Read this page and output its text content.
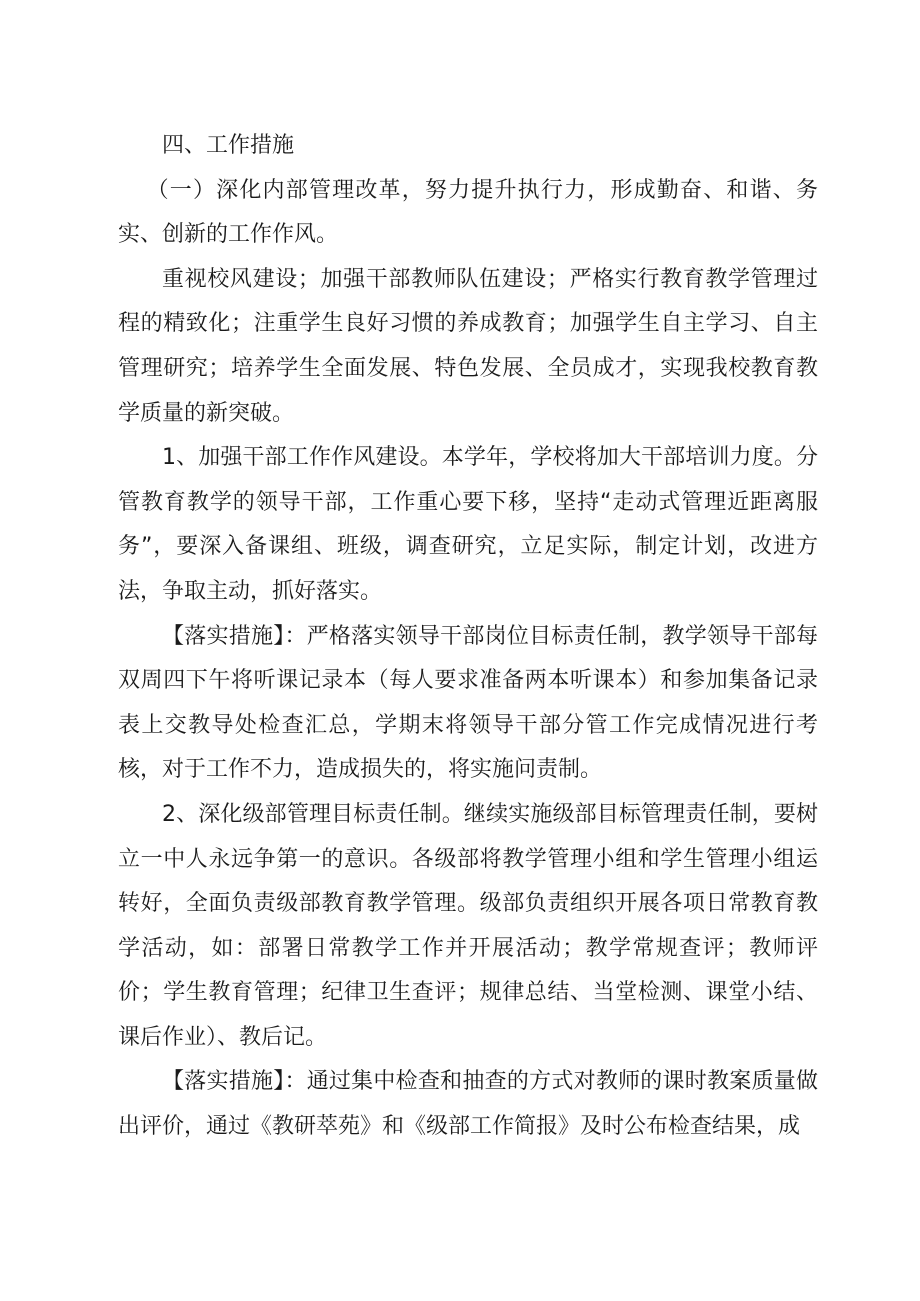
四、工作措施

（一）深化内部管理改革，努力提升执行力，形成勤奋、和谐、务实、创新的工作作风。

重视校风建设；加强干部教师队伍建设；严格实行教育教学管理过程的精致化；注重学生良好习惯的养成教育；加强学生自主学习、自主管理研究；培养学生全面发展、特色发展、全员成才，实现我校教育教学质量的新突破。

1、加强干部工作作风建设。本学年，学校将加大干部培训力度。分管教育教学的领导干部，工作重心要下移，坚持“走动式管理近距离服务”，要深入备课组、班级，调查研究，立足实际，制定计划，改进方法，争取主动，抓好落实。

【落实措施】：严格落实领导干部岗位目标责任制，教学领导干部每双周四下午将听课记录本（每人要求准备两本听课本）和参加集备记录表上交教导处检查汇总，学期末将领导干部分管工作完成情况进行考核，对于工作不力，造成损失的，将实施问责制。

2、深化级部管理目标责任制。继续实施级部目标管理责任制，要树立一中人永远争第一的意识。各级部将教学管理小组和学生管理小组运转好，全面负责级部教育教学管理。级部负责组织开展各项日常教育教学活动，如：部署日常教学工作并开展活动；教学常规查评；教师评价；学生教育管理；纪律卫生查评；规律总结、当堂检测、课堂小结、课后作业）、教后记。

【落实措施】：通过集中检查和抽查的方式对教师的课时教案质量做出评价，通过《教研萃苑》和《级部工作简报》及时公布检查结果，成
